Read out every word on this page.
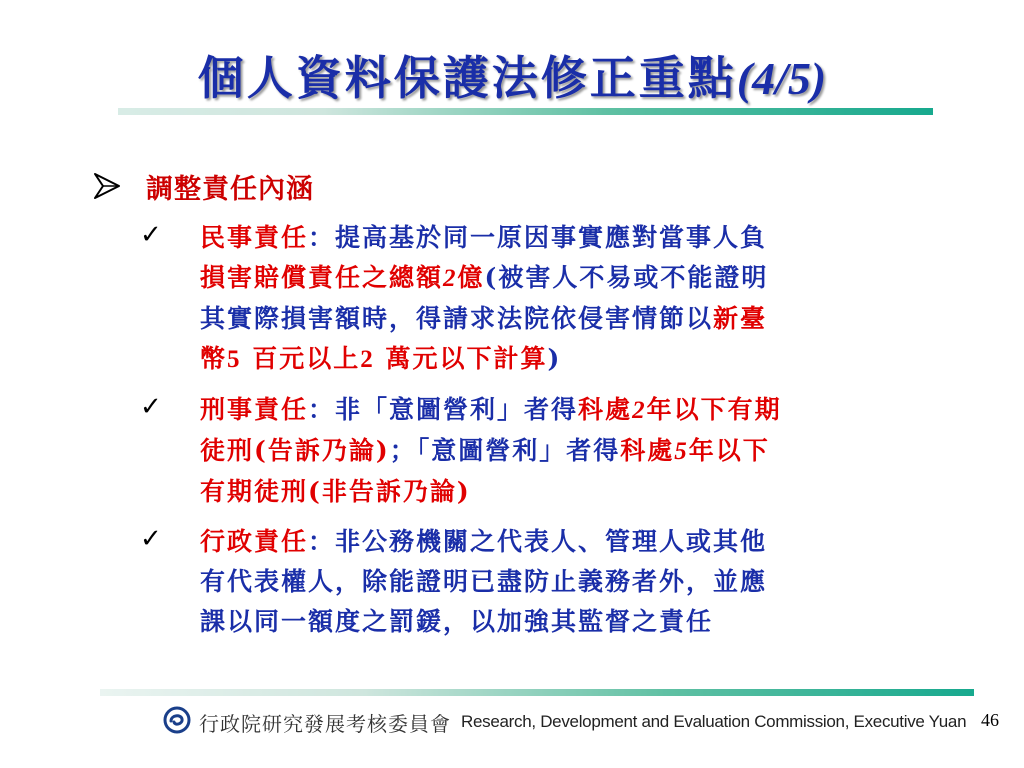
個人資料保護法修正重點(4/5)
調整責任內涵
✓	民事責任：提高基於同一原因事實應對當事人負
損害賠償責任之總額2億(被害人不易或不能證明
其實際損害額時，得請求法院依侵害情節以新臺
幣5 百元以上2 萬元以下計算)
✓	刑事責任：非「意圖營利」者得科處2年以下有期
徒刑(告訴乃論)；「意圖營利」者得科處5年以下
有期徒刑(非告訴乃論)
✓	行政責任：非公務機關之代表人、管理人或其他
有代表權人，除能證明已盡防止義務者外，並應
課以同一額度之罰鍰，以加強其監督之責任
行政院研究發展考核委員會 Research, Development and Evaluation Commission, Executive Yuan 46
